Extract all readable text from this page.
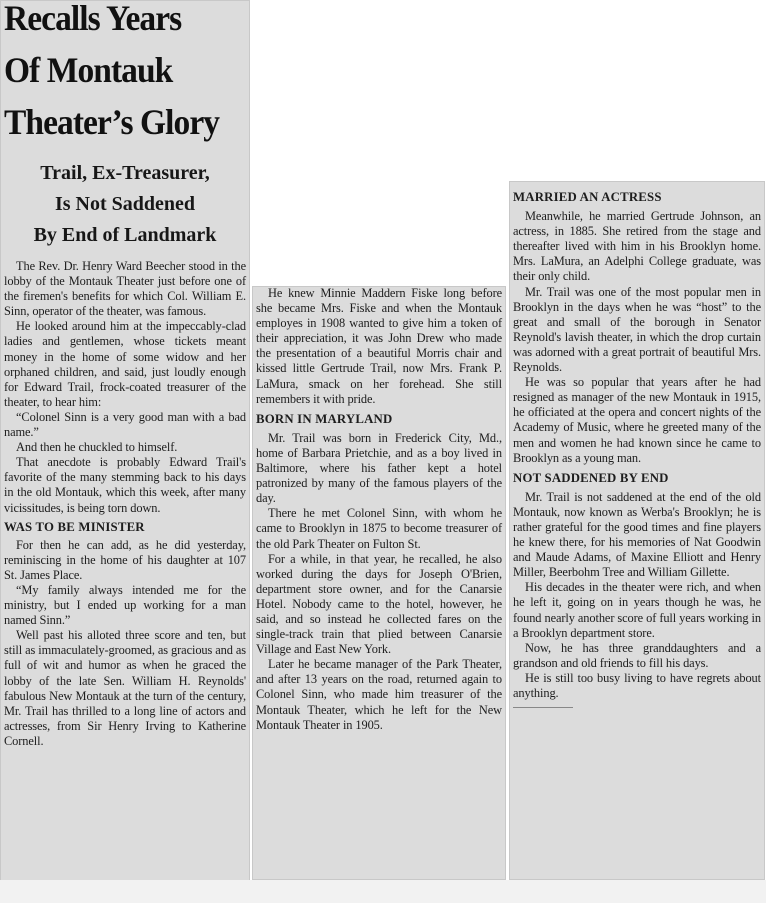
Recalls Years
Of Montauk
Theater’s Glory
Trail, Ex-Treasurer,
Is Not Saddened
By End of Landmark

The Rev. Dr. Henry Ward Beecher stood in the lobby of the Montauk Theater just before one of the firemen's benefits for which Col. William E. Sinn, operator of the theater, was famous.

He looked around him at the impeccably-clad ladies and gentlemen, whose tickets meant money in the home of some widow and her orphaned children, and said, just loudly enough for Edward Trail, frock-coated treasurer of the theater, to hear him:

“Colonel Sinn is a very good man with a bad name.”

And then he chuckled to himself.

That anecdote is probably Edward Trail's favorite of the many stemming back to his days in the old Montauk, which this week, after many vicissitudes, is being torn down.

WAS TO BE MINISTER

For then he can add, as he did yesterday, reminiscing in the home of his daughter at 107 St. James Place.

“My family always intended me for the ministry, but I ended up working for a man named Sinn.”

Well past his alloted three score and ten, but still as immaculately-groomed, as gracious and as full of wit and humor as when he graced the lobby of the late Sen. William H. Reynolds' fabulous New Montauk at the turn of the century, Mr. Trail has thrilled to a long line of actors and actresses, from Sir Henry Irving to Katherine Cornell.

He knew Minnie Maddern Fiske long before she became Mrs. Fiske and when the Montauk employes in 1908 wanted to give him a token of their appreciation, it was John Drew who made the presentation of a beautiful Morris chair and kissed little Gertrude Trail, now Mrs. Frank P. LaMura, smack on her forehead. She still remembers it with pride.

BORN IN MARYLAND

Mr. Trail was born in Frederick City, Md., home of Barbara Prietchie, and as a boy lived in Baltimore, where his father kept a hotel patronized by many of the famous players of the day.

There he met Colonel Sinn, with whom he came to Brooklyn in 1875 to become treasurer of the old Park Theater on Fulton St.

For a while, in that year, he recalled, he also worked during the days for Joseph O'Brien, department store owner, and for the Canarsie Hotel. Nobody came to the hotel, however, he said, and so instead he collected fares on the single-track train that plied between Canarsie Village and East New York.

Later he became manager of the Park Theater, and after 13 years on the road, returned again to Colonel Sinn, who made him treasurer of the Montauk Theater, which he left for the New Montauk Theater in 1905.

MARRIED AN ACTRESS

Meanwhile, he married Gertrude Johnson, an actress, in 1885. She retired from the stage and thereafter lived with him in his Brooklyn home. Mrs. LaMura, an Adelphi College graduate, was their only child.

Mr. Trail was one of the most popular men in Brooklyn in the days when he was “host” to the great and small of the borough in Senator Reynold's lavish theater, in which the drop curtain was adorned with a great portrait of beautiful Mrs. Reynolds.

He was so popular that years after he had resigned as manager of the new Montauk in 1915, he officiated at the opera and concert nights of the Academy of Music, where he greeted many of the men and women he had known since he came to Brooklyn as a young man.

NOT SADDENED BY END

Mr. Trail is not saddened at the end of the old Montauk, now known as Werba's Brooklyn; he is rather grateful for the good times and fine players he knew there, for his memories of Nat Goodwin and Maude Adams, of Maxine Elliott and Henry Miller, Beerbohm Tree and William Gillette.

His decades in the theater were rich, and when he left it, going on in years though he was, he found nearly another score of full years working in a Brooklyn department store.

Now, he has three granddaughters and a grandson and old friends to fill his days.

He is still too busy living to have regrets about anything.
